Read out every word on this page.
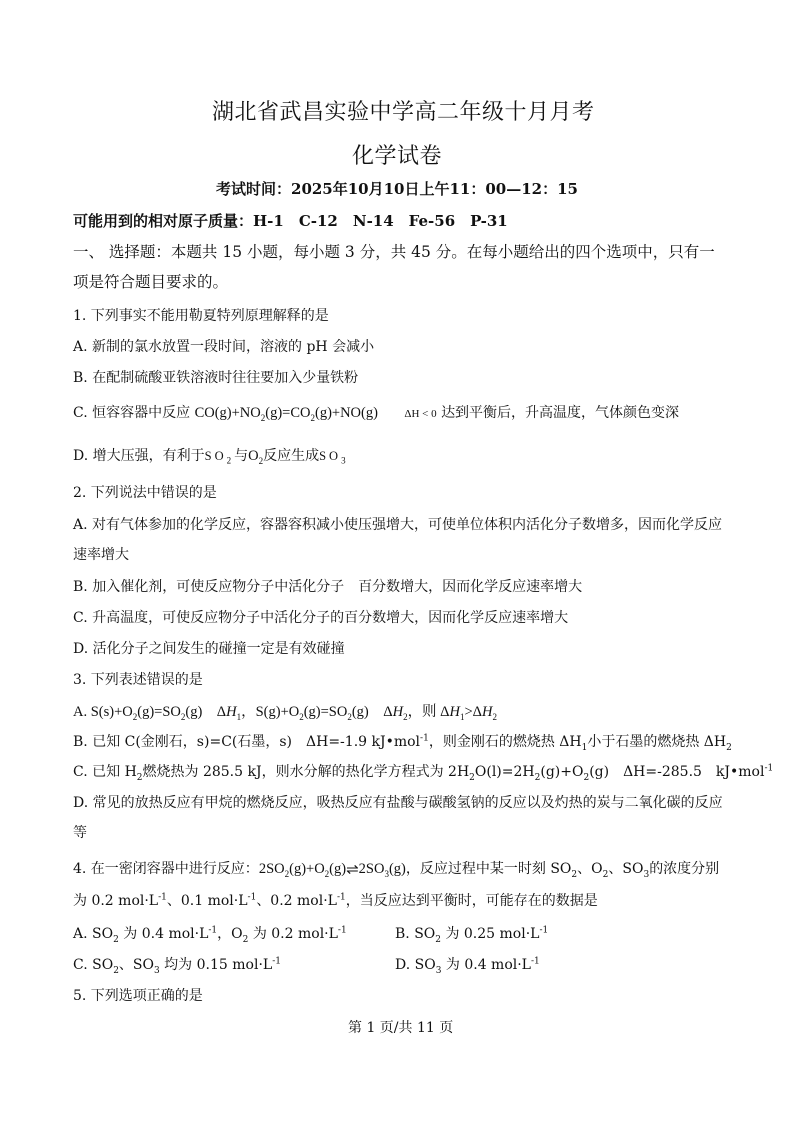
湖北省武昌实验中学高二年级十月月考
化学试卷
考试时间：2025年10月10日上午11：00—12：15
可能用到的相对原子质量：H-1　C-12　N-14　Fe-56　P-31
一、 选择题：本题共 15 小题，每小题 3 分，共 45 分。在每小题给出的四个选项中，只有一
项是符合题目要求的。
1. 下列事实不能用勒夏特列原理解释的是
A. 新制的氯水放置一段时间，溶液的 pH 会减小
B. 在配制硫酸亚铁溶液时往往要加入少量铁粉
C. 恒容容器中反应 $CO(g)+NO_2(g)=CO_2(g)+NO(g) \Delta H < 0$ 达到平衡后，升高温度，气体颜色变深
D. 增大压强，有利于$SO_2$与$O_2$反应生成$SO_3$
2. 下列说法中错误的是
A. 对有气体参加的化学反应，容器容积减小使压强增大，可使单位体积内活化分子数增多，因而化学反应
速率增大
B. 加入催化剂，可使反应物分子中活化分子　百分数增大，因而化学反应速率增大
C. 升高温度，可使反应物分子中活化分子的百分数增大，因而化学反应速率增大
D. 活化分子之间发生的碰撞一定是有效碰撞
3. 下列表述错误的是
A. $S(s)+O_2(g)=SO_2(g)$　$\Delta H_1$，$S(g)+O_2(g)=SO_2(g)$　$\Delta H_2$，则 $\Delta H_1>\Delta H_2$
B. 已知 C(金刚石，s)=C(石墨，s)　ΔH=-1.9 kJ•mol$^{-1}$，则金刚石的燃烧热 $\Delta H_1$小于石墨的燃烧热 $\Delta H_2$
C. 已知 $H_2$燃烧热为 285.5 kJ，则水分解的热化学方程式为 $2H_2O(l)=2H_2(g)+O_2(g)$　ΔH=-285.5　kJ•mol$^{-1}$
D. 常见的放热反应有甲烷的燃烧反应，吸热反应有盐酸与碳酸氢钠的反应以及灼热的炭与二氧化碳的反应
等
4. 在一密闭容器中进行反应：$2SO_2(g)+O_2(g)\rightleftharpoons 2SO_3(g)$，反应过程中某一时刻 $SO_2$、$O_2$、$SO_3$的浓度分别
为 0.2 $mol\cdot L^{-1}$、0.1 $mol\cdot L^{-1}$、0.2 $mol\cdot L^{-1}$，当反应达到平衡时，可能存在的数据是
A. $SO_2$ 为 0.4 $mol\cdot L^{-1}$，$O_2$ 为 0.2 $mol\cdot L^{-1}$	B. $SO_2$ 为 0.25 $mol\cdot L^{-1}$
C. $SO_2$、$SO_3$ 均为 0.15 $mol\cdot L^{-1}$	D. $SO_3$ 为 0.4 $mol\cdot L^{-1}$
5. 下列选项正确的是
第 1 页/共 11 页
